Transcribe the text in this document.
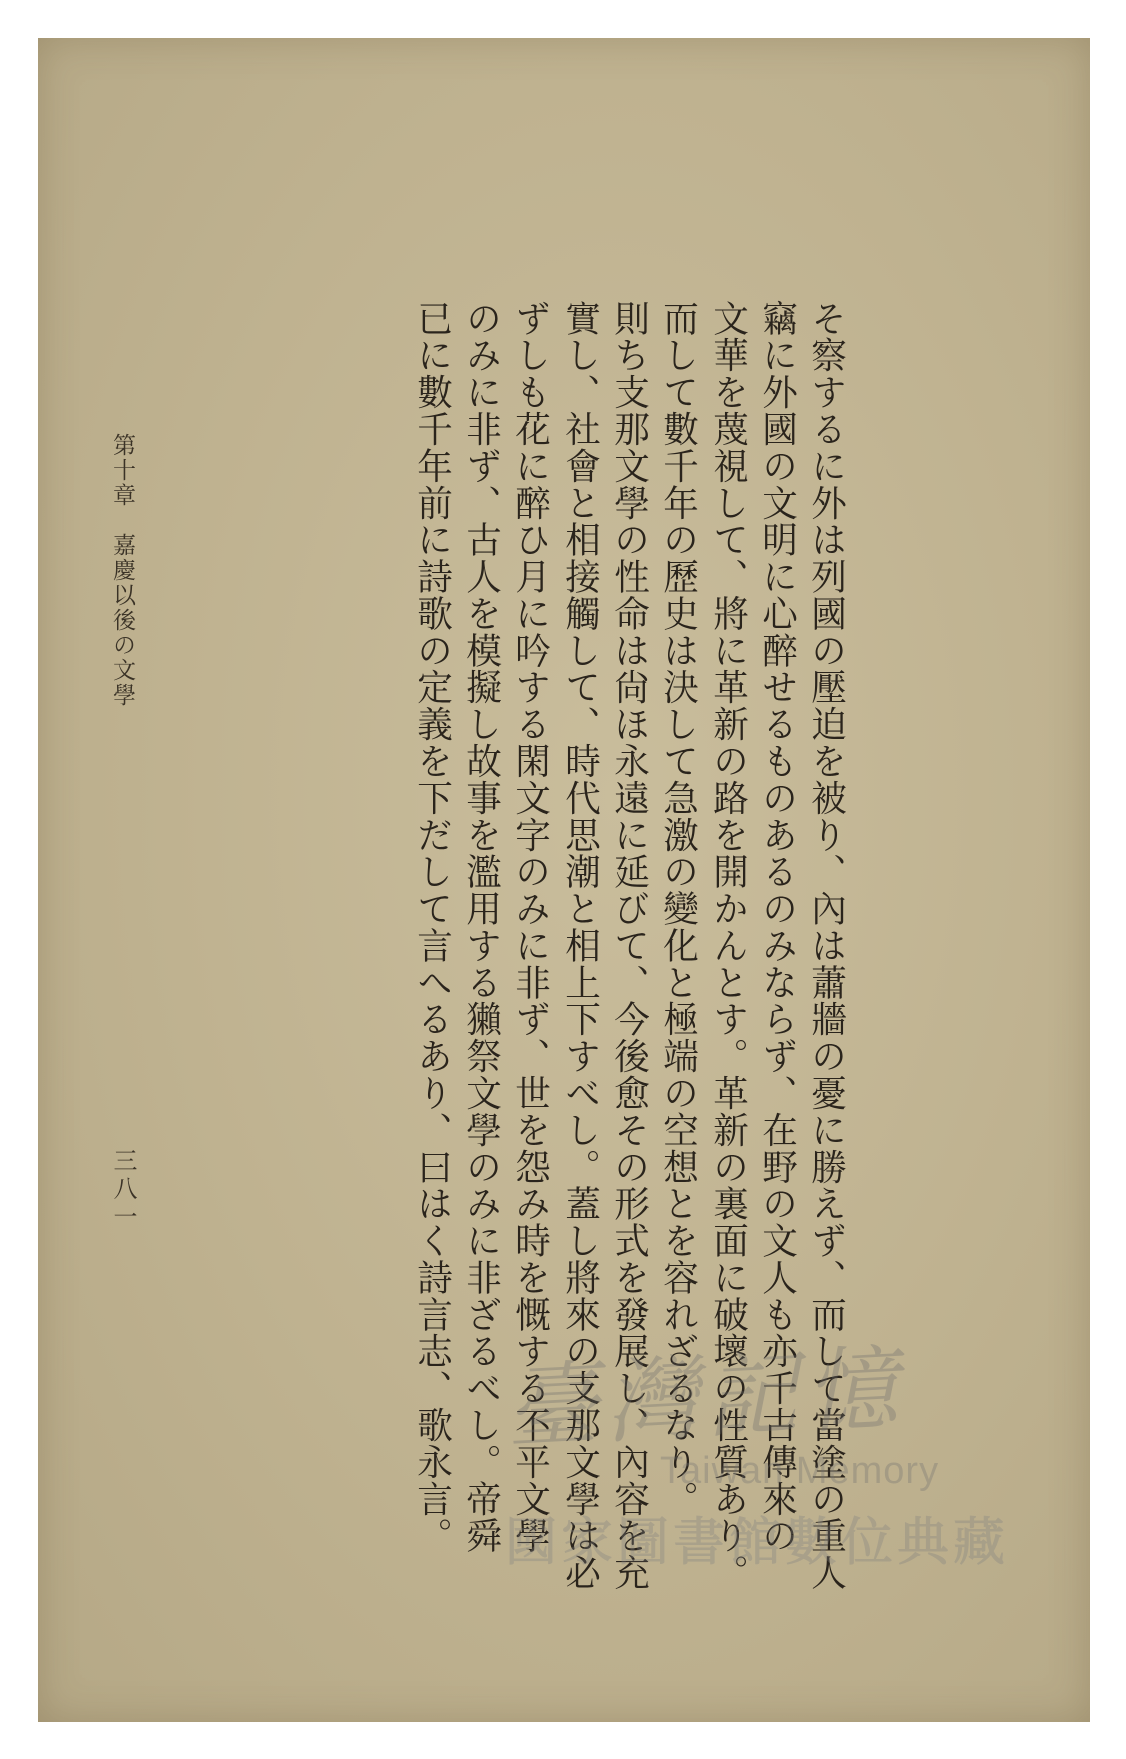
第十章　嘉慶以後の文學
三八一	そ察するに外は列國の壓迫を被り、內は蕭牆の憂に勝えず、而して當塗の重人
竊に外國の文明に心醉せるものあるのみならず、在野の文人も亦千古傳來の
文華を蔑視して、將に革新の路を開かんとす。革新の裏面に破壞の性質あり。
而して數千年の歷史は決して急激の變化と極端の空想とを容れざるなり。
則ち支那文學の性命は尙ほ永遠に延びて、今後愈その形式を發展し、內容を充
實し、社會と相接觸して、時代思潮と相上下すべし。蓋し將來の支那文學は必
ずしも花に醉ひ月に吟する閑文字のみに非ず、世を怨み時を慨する不平文學
のみに非ず、古人を模擬し故事を濫用する獺祭文學のみに非ざるべし。帝舜
已に數千年前に詩歌の定義を下だして言へるあり、曰はく詩言志、歌永言。 臺灣記憶
Taiwan Memory
國家圖書館數位典藏
